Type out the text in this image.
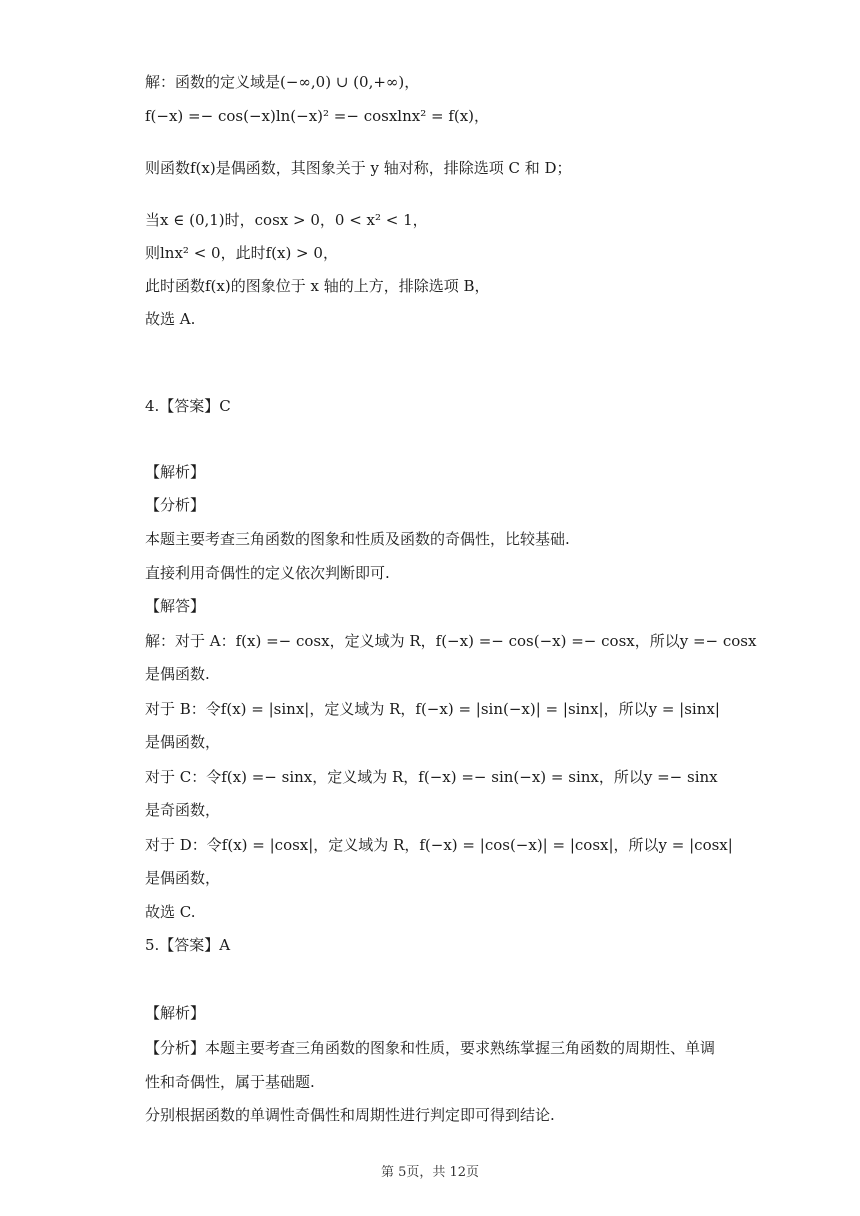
解：函数的定义域是(−∞,0) ∪ (0,+∞)，
f(−x) =− cos(−x)ln(−x)² =− cosxlnx² = f(x)，
则函数f(x)是偶函数，其图象关于 y 轴对称，排除选项 C 和 D；
当x ∈ (0,1)时，cosx > 0，0 < x² < 1，
则lnx² < 0，此时f(x) > 0，
此时函数f(x)的图象位于 x 轴的上方，排除选项 B，
故选 A.
4.【答案】C
【解析】
【分析】
本题主要考查三角函数的图象和性质及函数的奇偶性，比较基础.
直接利用奇偶性的定义依次判断即可.
【解答】
解：对于 A：f(x) =− cosx，定义域为 R，f(−x) =− cos(−x) =− cosx，所以y =− cosx
是偶函数.
对于 B：令f(x) = |sinx|，定义域为 R，f(−x) = |sin(−x)| = |sinx|，所以y = |sinx|
是偶函数，
对于 C：令f(x) =− sinx，定义域为 R，f(−x) =− sin(−x) = sinx，所以y =− sinx
是奇函数，
对于 D：令f(x) = |cosx|，定义域为 R，f(−x) = |cos(−x)| = |cosx|，所以y = |cosx|
是偶函数，
故选 C.
5.【答案】A
【解析】
【分析】本题主要考查三角函数的图象和性质，要求熟练掌握三角函数的周期性、单调
性和奇偶性，属于基础题.
分别根据函数的单调性奇偶性和周期性进行判定即可得到结论.
第 5页，共 12页
